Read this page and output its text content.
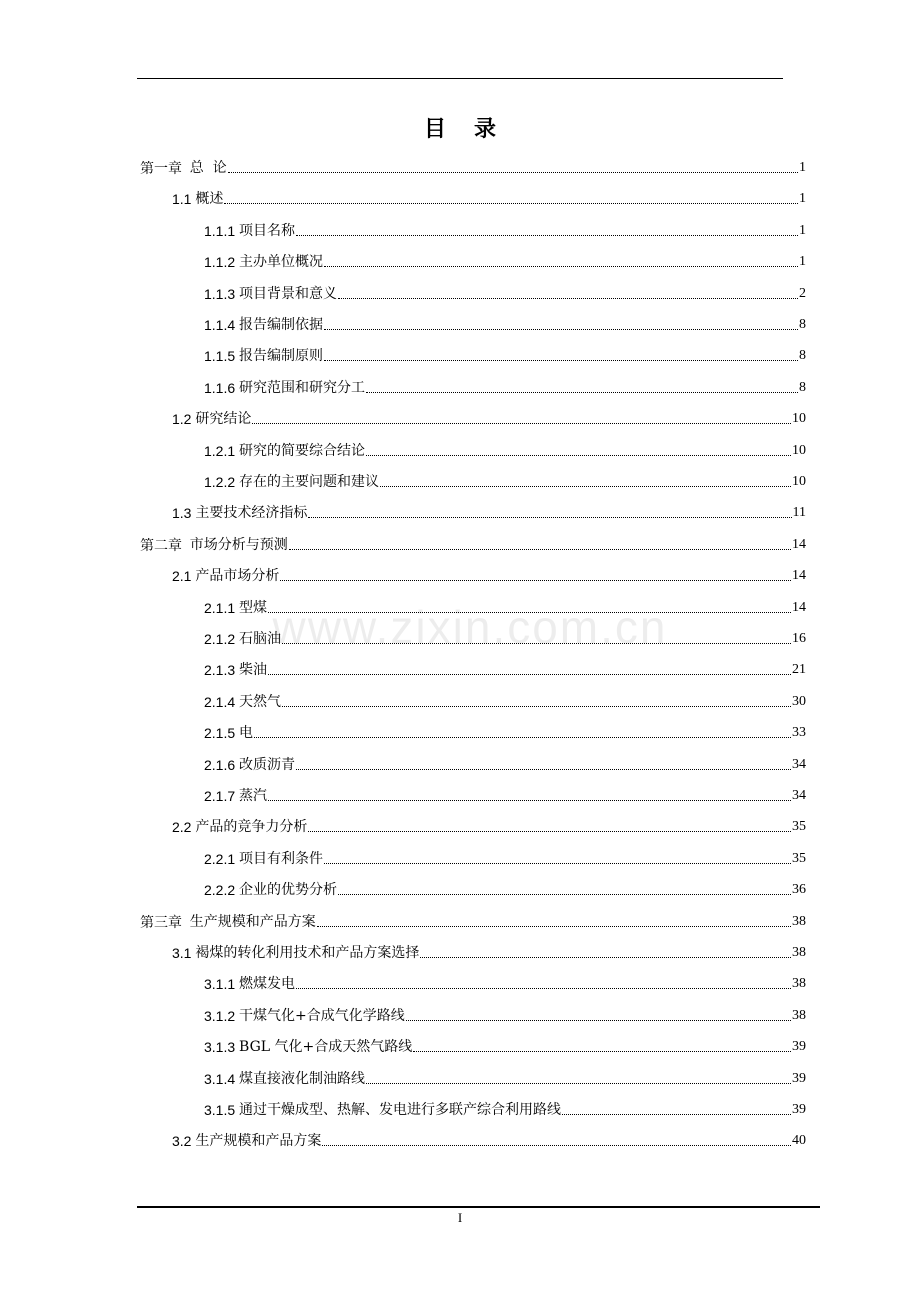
目录
www.zixin.com.cn
第一章 总  论	1
1.1 概述	1
1.1.1 项目名称	1
1.1.2 主办单位概况	1
1.1.3 项目背景和意义	2
1.1.4 报告编制依据	8
1.1.5 报告编制原则	8
1.1.6 研究范围和研究分工	8
1.2 研究结论	10
1.2.1 研究的简要综合结论	10
1.2.2 存在的主要问题和建议	10
1.3 主要技术经济指标	11
第二章 市场分析与预测	14
2.1 产品市场分析	14
2.1.1 型煤	14
2.1.2 石脑油	16
2.1.3 柴油	21
2.1.4 天然气	30
2.1.5 电	33
2.1.6 改质沥青	34
2.1.7 蒸汽	34
2.2 产品的竞争力分析	35
2.2.1 项目有利条件	35
2.2.2 企业的优势分析	36
第三章 生产规模和产品方案	38
3.1 褐煤的转化利用技术和产品方案选择	38
3.1.1 燃煤发电	38
3.1.2 干煤气化+合成气化学路线	38
3.1.3 BGL 气化+合成天然气路线	39
3.1.4 煤直接液化制油路线	39
3.1.5 通过干燥成型、热解、发电进行多联产综合利用路线	39
3.2 生产规模和产品方案	40
I
